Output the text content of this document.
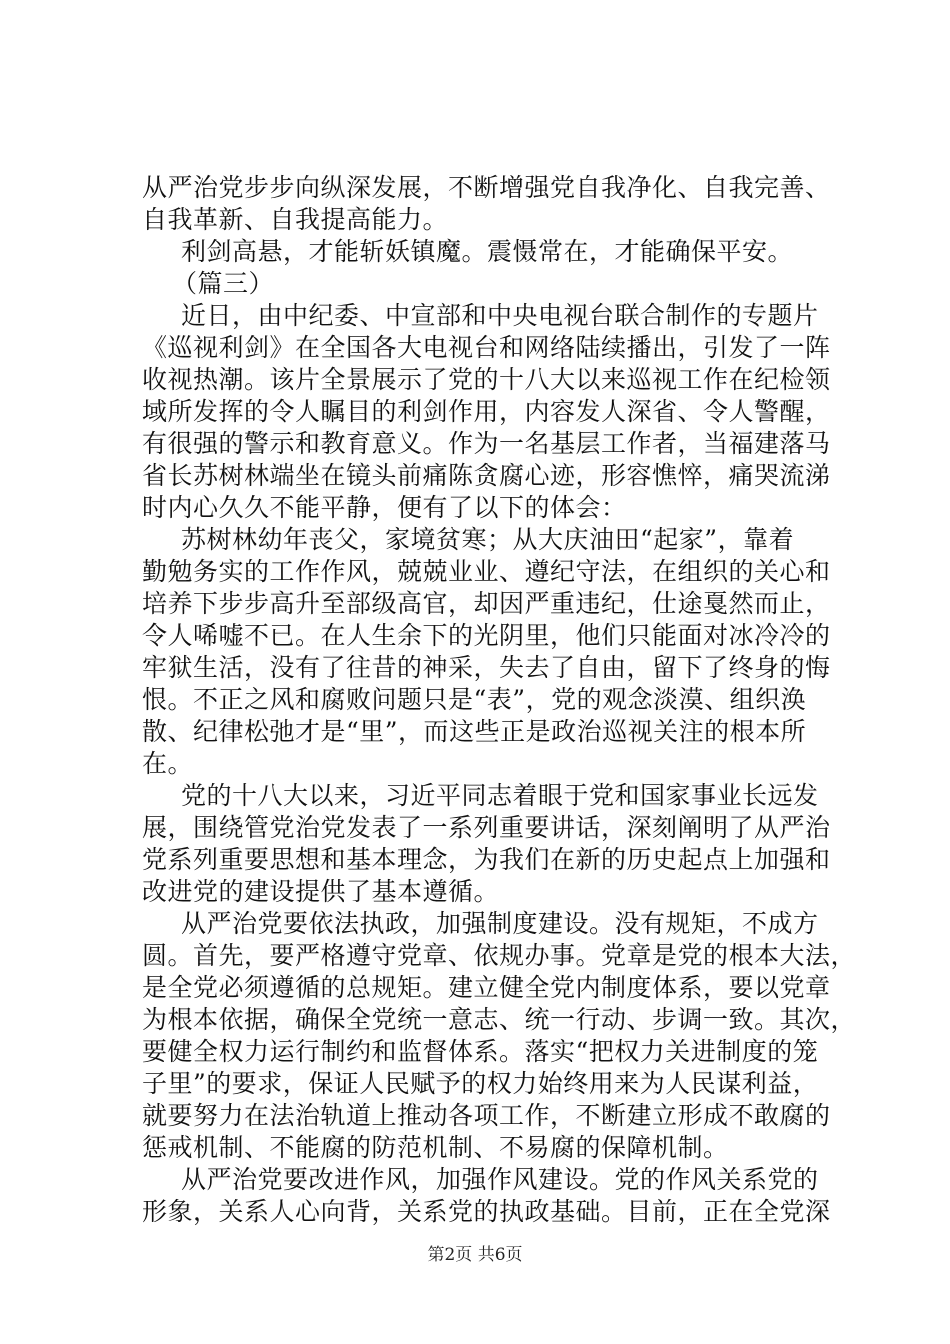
从严治党步步向纵深发展，不断增强党自我净化、自我完善、
自我革新、自我提高能力。
利剑高悬，才能斩妖镇魔。震慑常在，才能确保平安。
（篇三）
近日，由中纪委、中宣部和中央电视台联合制作的专题片
《巡视利剑》在全国各大电视台和网络陆续播出，引发了一阵
收视热潮。该片全景展示了党的十八大以来巡视工作在纪检领
域所发挥的令人瞩目的利剑作用，内容发人深省、令人警醒，
有很强的警示和教育意义。作为一名基层工作者，当福建落马
省长苏树林端坐在镜头前痛陈贪腐心迹，形容憔悴，痛哭流涕
时内心久久不能平静，便有了以下的体会：
苏树林幼年丧父，家境贫寒；从大庆油田“起家”，靠着
勤勉务实的工作作风，兢兢业业、遵纪守法，在组织的关心和
培养下步步高升至部级高官，却因严重违纪，仕途戛然而止，
令人唏嘘不已。在人生余下的光阴里，他们只能面对冰冷冷的
牢狱生活，没有了往昔的神采，失去了自由，留下了终身的悔
恨。不正之风和腐败问题只是“表”，党的观念淡漠、组织涣
散、纪律松弛才是“里”，而这些正是政治巡视关注的根本所
在。
党的十八大以来，习近平同志着眼于党和国家事业长远发
展，围绕管党治党发表了一系列重要讲话，深刻阐明了从严治
党系列重要思想和基本理念，为我们在新的历史起点上加强和
改进党的建设提供了基本遵循。
从严治党要依法执政，加强制度建设。没有规矩，不成方
圆。首先，要严格遵守党章、依规办事。党章是党的根本大法，
是全党必须遵循的总规矩。建立健全党内制度体系，要以党章
为根本依据，确保全党统一意志、统一行动、步调一致。其次，
要健全权力运行制约和监督体系。落实“把权力关进制度的笼
子里”的要求，保证人民赋予的权力始终用来为人民谋利益，
就要努力在法治轨道上推动各项工作，不断建立形成不敢腐的
惩戒机制、不能腐的防范机制、不易腐的保障机制。
从严治党要改进作风，加强作风建设。党的作风关系党的
形象，关系人心向背，关系党的执政基础。目前，正在全党深
第2页 共6页
